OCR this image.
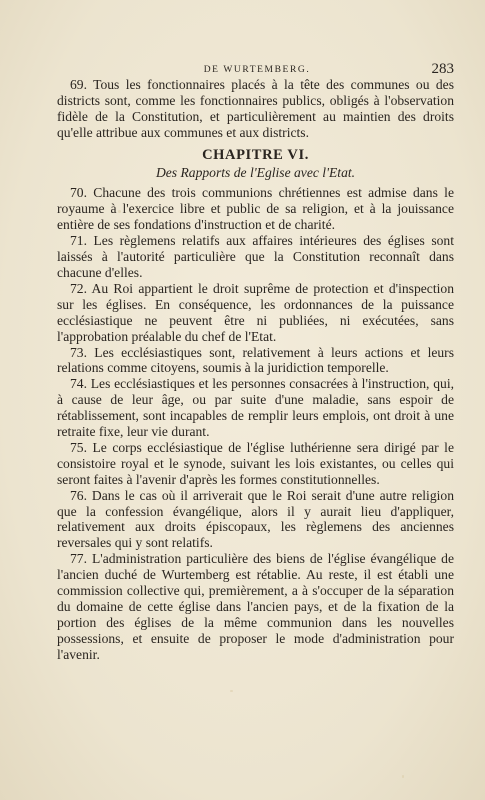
DE WURTEMBERG.	283

69. Tous les fonctionnaires placés à la tête des communes ou des districts sont, comme les fonctionnaires publics, obligés à l'observation fidèle de la Constitution, et particulièrement au maintien des droits qu'elle attribue aux communes et aux districts.

CHAPITRE VI.
Des Rapports de l'Eglise avec l'Etat.

70. Chacune des trois communions chrétiennes est admise dans le royaume à l'exercice libre et public de sa religion, et à la jouissance entière de ses fondations d'instruction et de charité.

71. Les règlemens relatifs aux affaires intérieures des églises sont laissés à l'autorité particulière que la Constitution reconnaît dans chacune d'elles.

72. Au Roi appartient le droit suprême de protection et d'inspection sur les églises. En conséquence, les ordonnances de la puissance ecclésiastique ne peuvent être ni publiées, ni exécutées, sans l'approbation préalable du chef de l'Etat.

73. Les ecclésiastiques sont, relativement à leurs actions et leurs relations comme citoyens, soumis à la juridiction temporelle.

74. Les ecclésiastiques et les personnes consacrées à l'instruction, qui, à cause de leur âge, ou par suite d'une maladie, sans espoir de rétablissement, sont incapables de remplir leurs emplois, ont droit à une retraite fixe, leur vie durant.

75. Le corps ecclésiastique de l'église luthérienne sera dirigé par le consistoire royal et le synode, suivant les lois existantes, ou celles qui seront faites à l'avenir d'après les formes constitutionnelles.

76. Dans le cas où il arriverait que le Roi serait d'une autre religion que la confession évangélique, alors il y aurait lieu d'appliquer, relativement aux droits épiscopaux, les règlemens des anciennes reversales qui y sont relatifs.

77. L'administration particulière des biens de l'église évangélique de l'ancien duché de Wurtemberg est rétablie. Au reste, il est établi une commission collective qui, premièrement, a à s'occuper de la séparation du domaine de cette église dans l'ancien pays, et de la fixation de la portion des églises de la même communion dans les nouvelles possessions, et ensuite de proposer le mode d'administration pour l'avenir.
